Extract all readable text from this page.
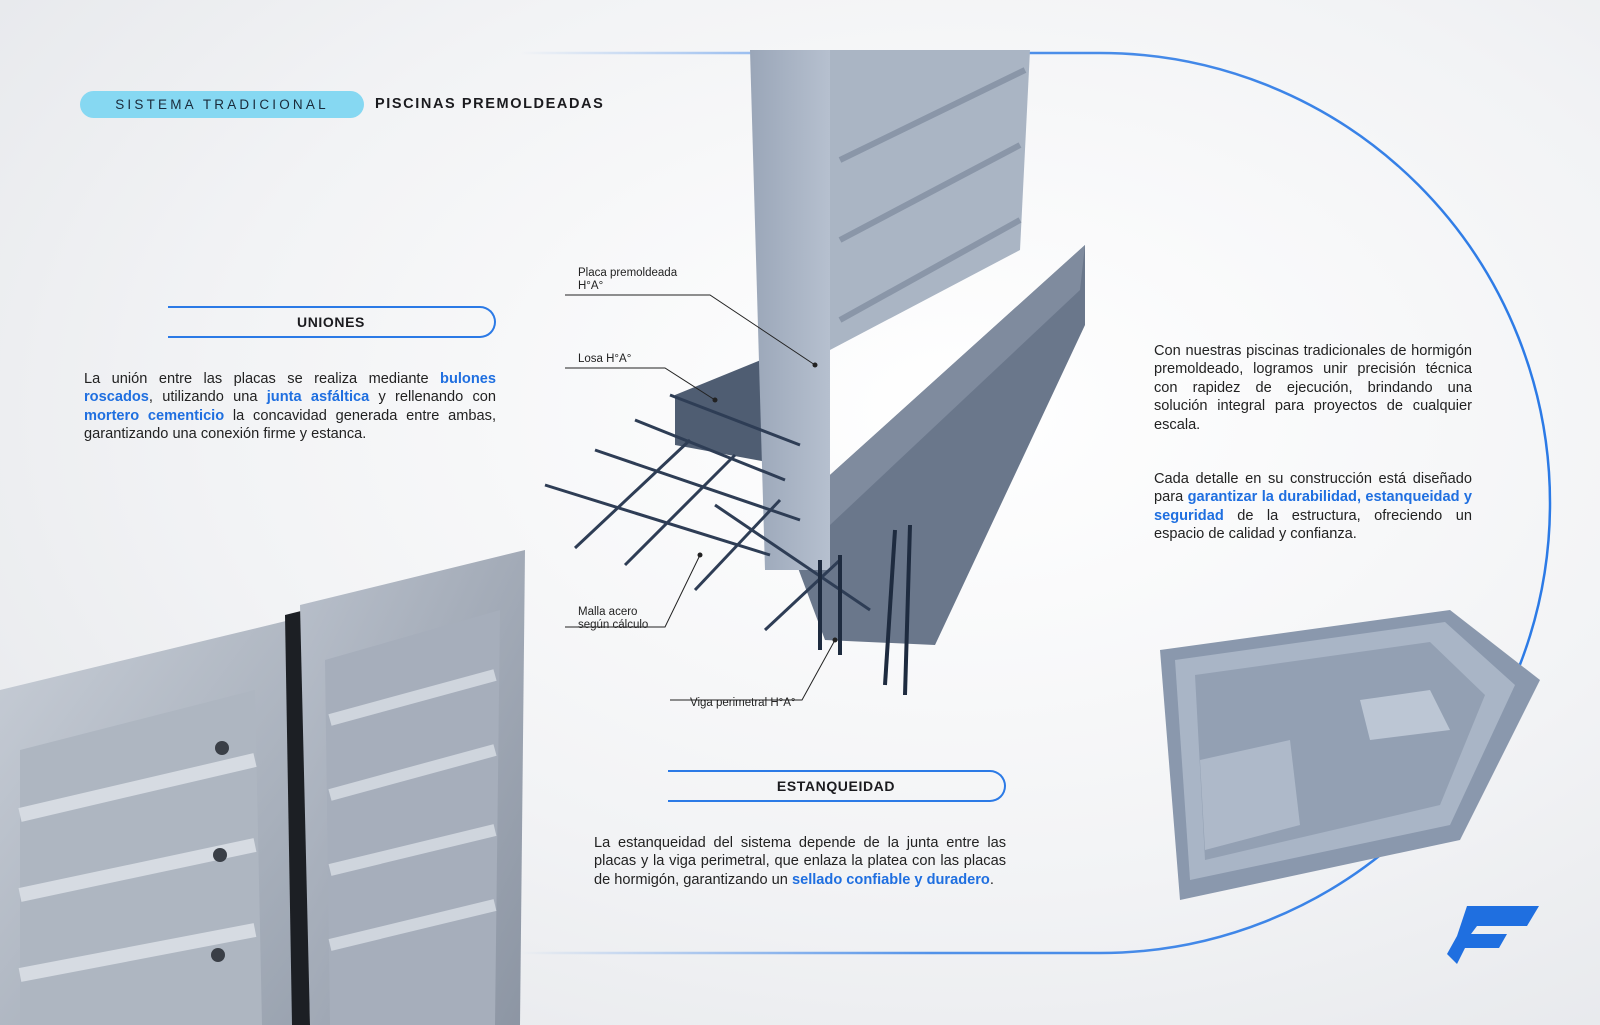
SISTEMA TRADICIONAL	PISCINAS PREMOLDEADAS
UNIONES
La unión entre las placas se realiza mediante bulones roscados, utilizando una junta asfáltica y rellenando con mortero cementicio la concavidad generada entre ambas, garantizando una conexión firme y estanca.
Placa premoldeada
H°A°
Losa H°A°
Malla acero
según cálculo
Viga perimetral H°A°
ESTANQUEIDAD
La estanqueidad del sistema depende de la junta entre las placas y la viga perimetral, que enlaza la platea con las placas de hormigón, garantizando un sellado confiable y duradero.
Con nuestras piscinas tradicionales de hormigón premoldeado, logramos unir precisión técnica con rapidez de ejecución, brindando una solución integral para proyectos de cualquier escala.
Cada detalle en su construcción está diseñado para garantizar la durabilidad, estanqueidad y seguridad de la estructura, ofreciendo un espacio de calidad y confianza.
